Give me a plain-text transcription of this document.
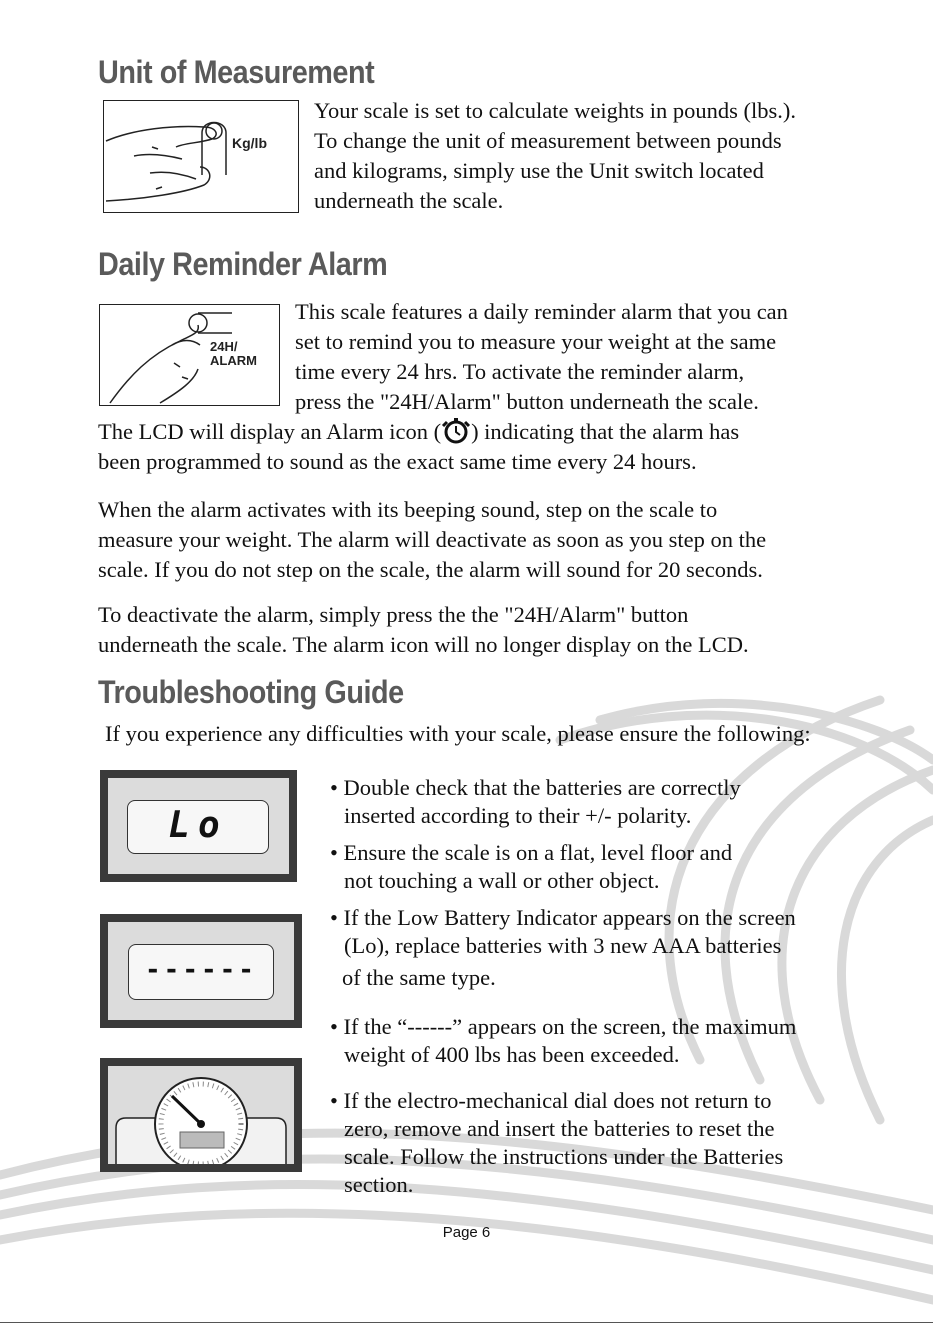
Unit of Measurement
Kg/lb
Your scale is set to calculate weights in pounds (lbs.).
To change the unit of measurement between pounds
and kilograms, simply use the Unit switch located
underneath the scale.
Daily Reminder Alarm
24H/
ALARM
This scale features a daily reminder alarm that you can
set to remind you to measure your weight at the same
time every 24 hrs. To activate the reminder alarm,
press the "24H/Alarm" button underneath the scale.
The LCD will display an Alarm icon ( ) indicating that the alarm has
been programmed to sound as the exact same time every 24 hours.
When the alarm activates with its beeping sound, step on the scale to
measure your weight. The alarm will deactivate as soon as you step on the
scale. If you do not step on the scale, the alarm will sound for 20 seconds.
To deactivate the alarm, simply press the the "24H/Alarm" button
underneath the scale. The alarm icon will no longer display on the LCD.
Troubleshooting Guide
If you experience any difficulties with your scale, please ensure the following:
Lo
------
• Double check that the batteries are correctly
inserted according to their +/- polarity.
• Ensure the scale is on a flat, level floor and
not touching a wall or other object.
• If the Low Battery Indicator appears on the screen
(Lo), replace batteries with 3 new AAA batteries
of the same type.
• If the “------” appears on the screen, the maximum
weight of 400 lbs has been exceeded.
• If the electro-mechanical dial does not return to
zero, remove and insert the batteries to reset the
scale. Follow the instructions under the Batteries
section.
Page 6
